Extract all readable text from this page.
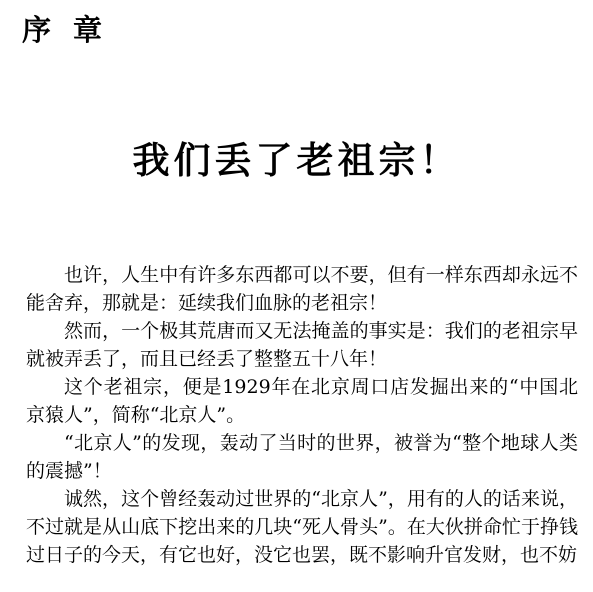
序章
我们丢了老祖宗！

也许，人生中有许多东西都可以不要，但有一样东西却永远不能舍弃，那就是：延续我们血脉的老祖宗！

然而，一个极其荒唐而又无法掩盖的事实是：我们的老祖宗早就被弄丢了，而且已经丢了整整五十八年！

这个老祖宗，便是1929年在北京周口店发掘出来的“中国北京猿人”，简称“北京人”。

“北京人”的发现，轰动了当时的世界，被誉为“整个地球人类的震撼”！

诚然，这个曾经轰动过世界的“北京人”，用有的人的话来说，不过就是从山底下挖出来的几块“死人骨头”。在大伙拼命忙于挣钱过日子的今天，有它也好，没它也罢，既不影响升官发财，也不妨
